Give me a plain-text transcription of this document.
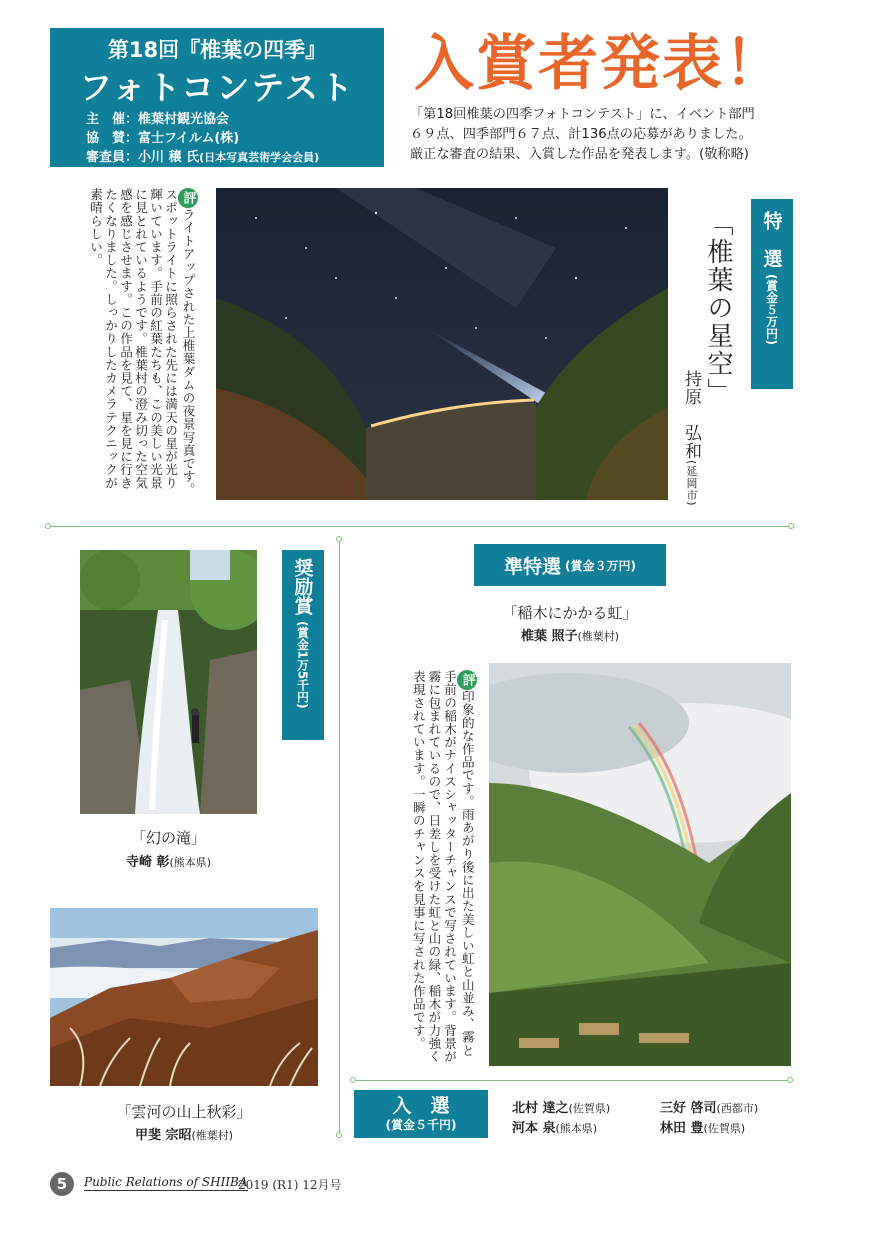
第18回『椎葉の四季』
フォトコンテスト
主　催：椎葉村観光協会
協　賛：富士フイルム(株)
審査員：小川 穣 氏(日本写真芸術学会会員)
入賞者発表！
「第18回椎葉の四季フォトコンテスト」に、イベント部門
６９点、四季部門６７点、計136点の応募がありました。
厳正な審査の結果、入賞した作品を発表します。(敬称略)
評ライトアップされた上椎葉ダムの夜景写真です。スポットライトに照らされた先には満天の星が光り輝いています。手前の紅葉たちも、この美しい光景に見とれているようです。椎葉村の澄み切った空気感を感じさせます。この作品を見て、星を見に行きたくなりました。しっかりしたカメラテクニックが素晴らしい。	「椎葉の星空」
持原　弘和(延岡市)
特　選
(賞金５万円)
「幻の滝」
寺崎 彰(熊本県)
奨励賞
(賞金1万5千円)
「雲河の山上秋彩」
甲斐 宗昭(椎葉村)
準特選 (賞金３万円)
「稲木にかかる虹」
椎葉 照子(椎葉村)
評印象的な作品です。雨あがり後に出た美しい虹と山並み、霧と手前の稲木がナイスシャッターチャンスで写されています。背景が霧に包まれているので、日差しを受けた虹と山の緑、稲木が力強く表現されています。一瞬のチャンスを見事に写された作品です。
入　選
(賞金５千円)
北村 達之(佐賀県)
河本 泉(熊本県)
三好 啓司(西都市)
林田 豊(佐賀県)
5 Public Relations of SHIIBA
2019 (R1) 12月号
